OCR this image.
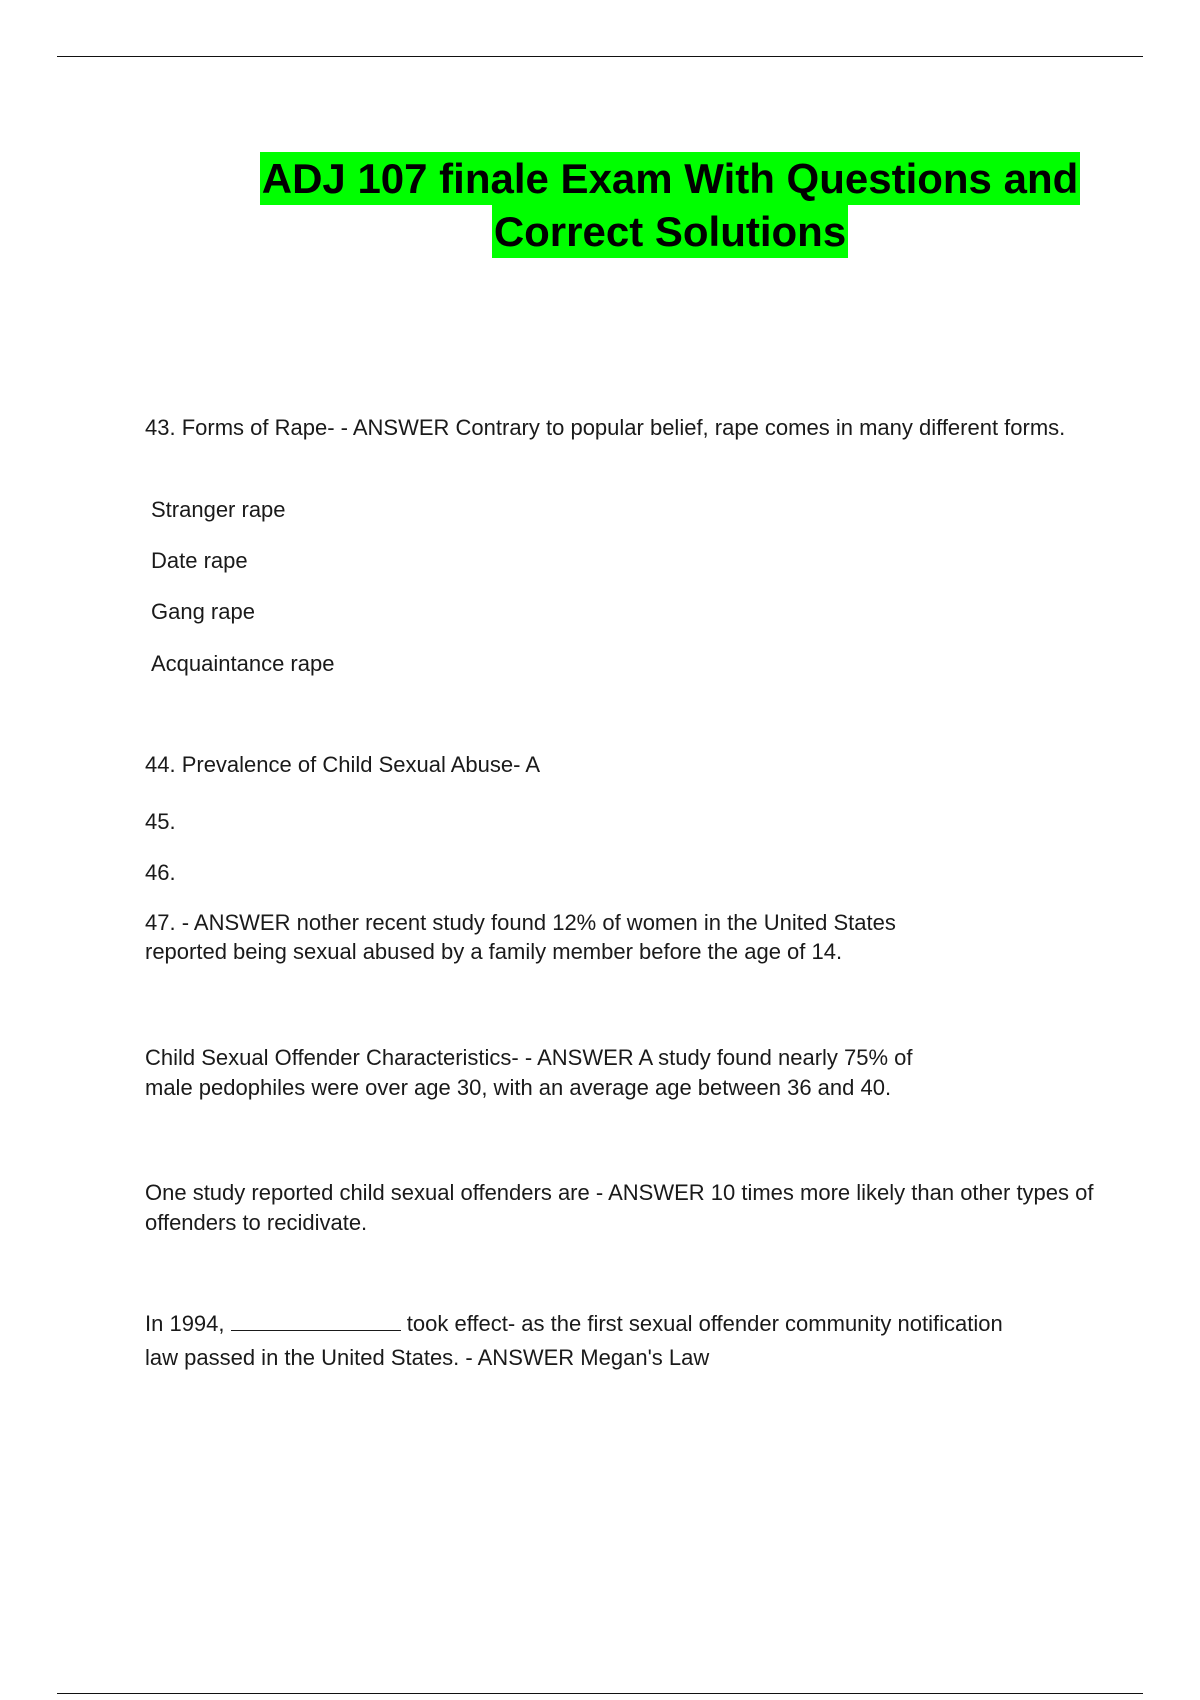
ADJ 107 finale Exam With Questions and
Correct Solutions

43. Forms of Rape- - ANSWER Contrary to popular belief, rape comes in many different forms.

Stranger rape

Date rape

Gang rape

Acquaintance rape

44. Prevalence of Child Sexual Abuse- A

45.

46.

47. - ANSWER nother recent study found 12% of women in the United States

reported being sexual abused by a family member before the age of 14.

Child Sexual Offender Characteristics- - ANSWER A study found nearly 75% of

male pedophiles were over age 30, with an average age between 36 and 40.

One study reported child sexual offenders are - ANSWER 10 times more likely than other types of offenders to recidivate.

In 1994,	took effect- as the first sexual offender community notification

law passed in the United States. - ANSWER Megan's Law
